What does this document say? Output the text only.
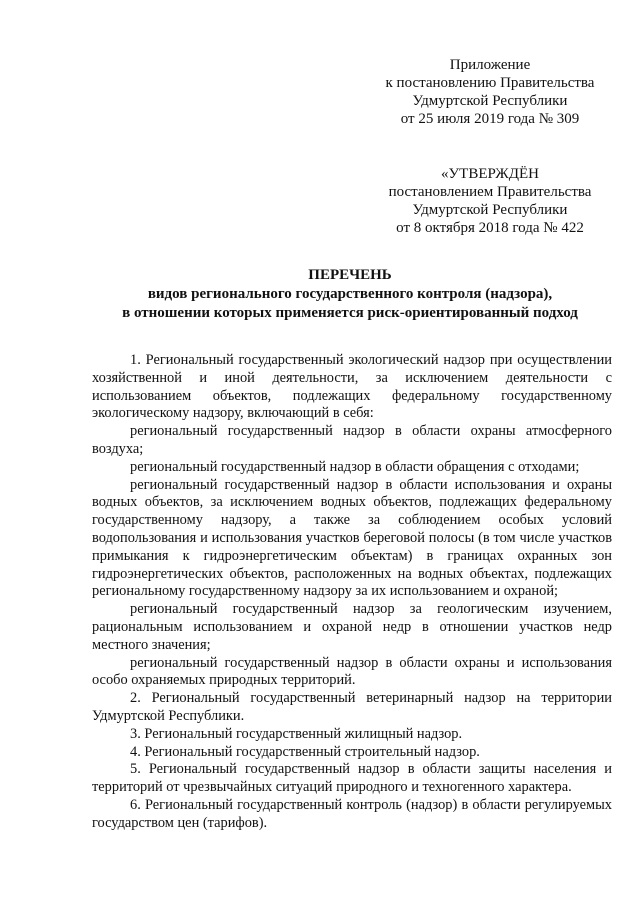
Приложение
к постановлению Правительства
Удмуртской Республики
от 25 июля 2019 года № 309
«УТВЕРЖДЁН
постановлением Правительства
Удмуртской Республики
от 8 октября 2018 года № 422
ПЕРЕЧЕНЬ
видов регионального государственного контроля (надзора),
в отношении которых применяется риск-ориентированный подход

1. Региональный государственный экологический надзор при осуществлении хозяйственной и иной деятельности, за исключением деятельности с использованием объектов, подлежащих федеральному государственному экологическому надзору, включающий в себя:

региональный государственный надзор в области охраны атмосферного воздуха;

региональный государственный надзор в области обращения с отходами;

региональный государственный надзор в области использования и охраны водных объектов, за исключением водных объектов, подлежащих федеральному государственному надзору, а также за соблюдением особых условий водопользования и использования участков береговой полосы (в том числе участков примыкания к гидроэнергетическим объектам) в границах охранных зон гидроэнергетических объектов, расположенных на водных объектах, подлежащих региональному государственному надзору за их использованием и охраной;

региональный государственный надзор за геологическим изучением, рациональным использованием и охраной недр в отношении участков недр местного значения;

региональный государственный надзор в области охраны и использования особо охраняемых природных территорий.

2. Региональный государственный ветеринарный надзор на территории Удмуртской Республики.

3. Региональный государственный жилищный надзор.

4. Региональный государственный строительный надзор.

5. Региональный государственный надзор в области защиты населения и территорий от чрезвычайных ситуаций природного и техногенного характера.

6. Региональный государственный контроль (надзор) в области регулируемых государством цен (тарифов).
